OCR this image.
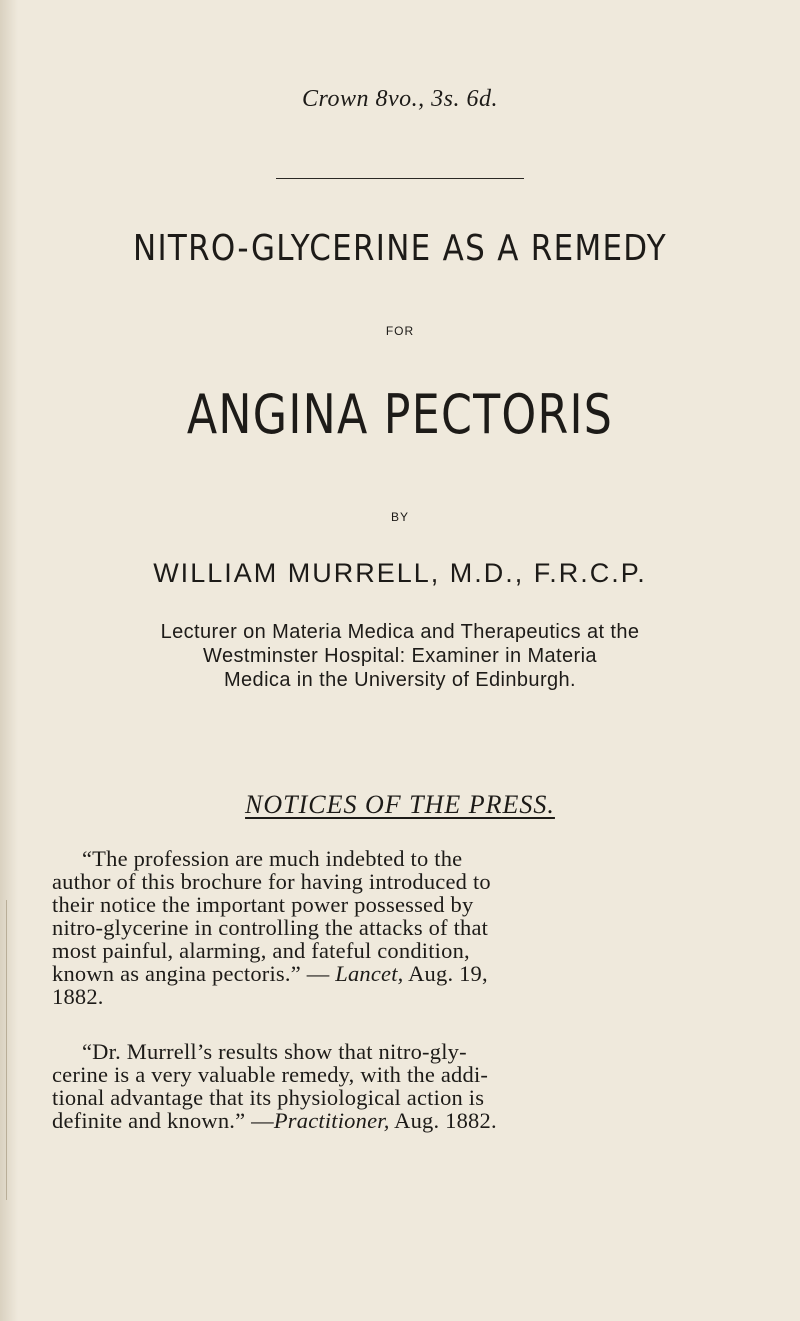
Crown 8vo., 3s. 6d.
NITRO-GLYCERINE AS A REMEDY
FOR
ANGINA PECTORIS
BY
WILLIAM MURRELL, M.D., F.R.C.P.
Lecturer on Materia Medica and Therapeutics at the
Westminster Hospital: Examiner in Materia
Medica in the University of Edinburgh.
NOTICES OF THE PRESS.
“The profession are much indebted to the
author of this brochure for having introduced to
their notice the important power possessed by
nitro-glycerine in controlling the attacks of that
most painful, alarming, and fateful condition,
known as angina pectoris.” — Lancet, Aug. 19,
1882.
“Dr. Murrell’s results show that nitro-gly-
cerine is a very valuable remedy, with the addi-
tional advantage that its physiological action is
definite and known.” —Practitioner, Aug. 1882.
